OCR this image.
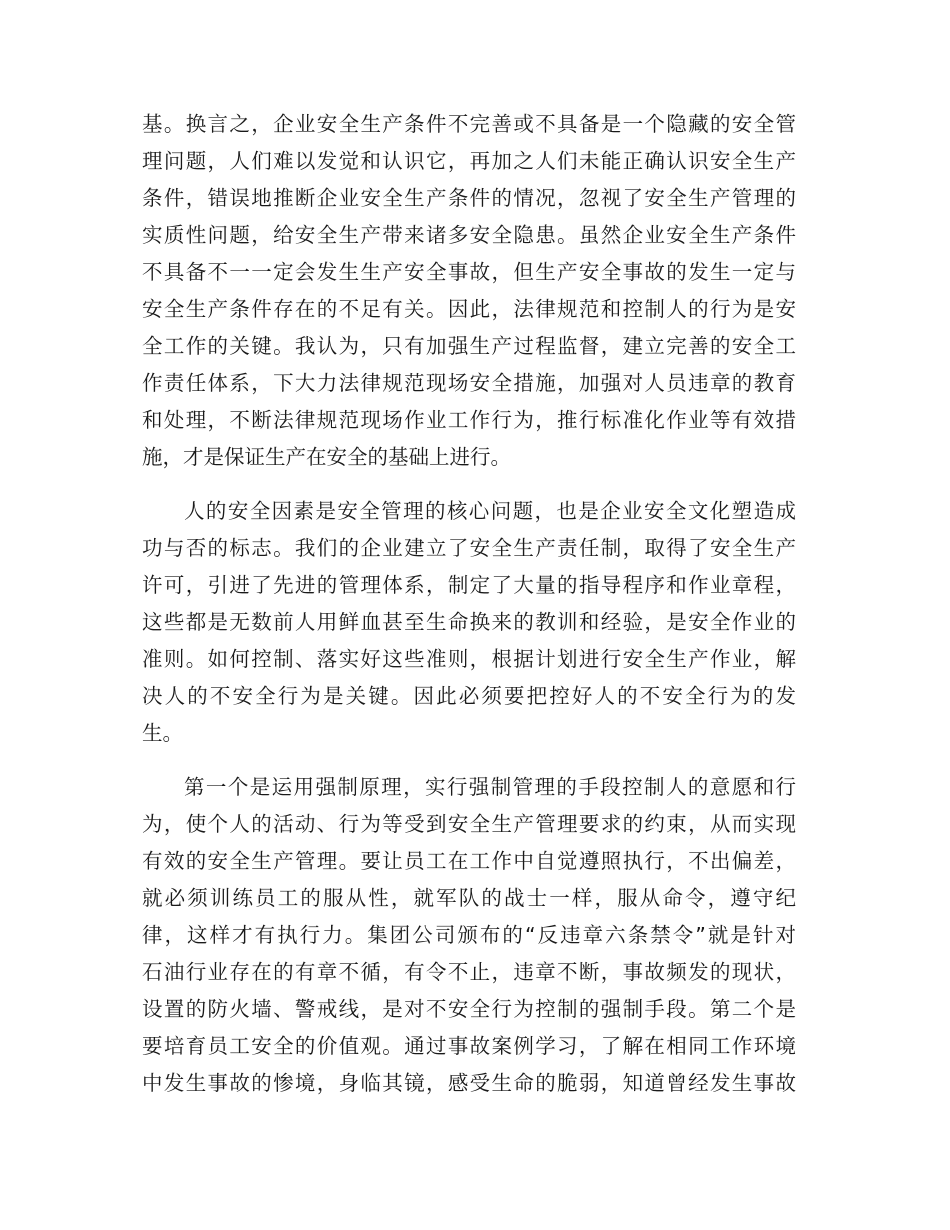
基。换言之，企业安全生产条件不完善或不具备是一个隐藏的安全管
理问题，人们难以发觉和认识它，再加之人们未能正确认识安全生产
条件，错误地推断企业安全生产条件的情况，忽视了安全生产管理的
实质性问题，给安全生产带来诸多安全隐患。虽然企业安全生产条件
不具备不一一定会发生生产安全事故，但生产安全事故的发生一定与
安全生产条件存在的不足有关。因此，法律规范和控制人的行为是安
全工作的关键。我认为，只有加强生产过程监督，建立完善的安全工
作责任体系，下大力法律规范现场安全措施，加强对人员违章的教育
和处理，不断法律规范现场作业工作行为，推行标准化作业等有效措
施，才是保证生产在安全的基础上进行。
人的安全因素是安全管理的核心问题，也是企业安全文化塑造成
功与否的标志。我们的企业建立了安全生产责任制，取得了安全生产
许可，引进了先进的管理体系，制定了大量的指导程序和作业章程，
这些都是无数前人用鲜血甚至生命换来的教训和经验，是安全作业的
准则。如何控制、落实好这些准则，根据计划进行安全生产作业，解
决人的不安全行为是关键。因此必须要把控好人的不安全行为的发
生。
第一个是运用强制原理，实行强制管理的手段控制人的意愿和行
为，使个人的活动、行为等受到安全生产管理要求的约束，从而实现
有效的安全生产管理。要让员工在工作中自觉遵照执行，不出偏差，
就必须训练员工的服从性，就军队的战士一样，服从命令，遵守纪
律，这样才有执行力。集团公司颁布的“反违章六条禁令”就是针对
石油行业存在的有章不循，有令不止，违章不断，事故频发的现状，
设置的防火墙、警戒线，是对不安全行为控制的强制手段。第二个是
要培育员工安全的价值观。通过事故案例学习，了解在相同工作环境
中发生事故的惨境，身临其镜，感受生命的脆弱，知道曾经发生事故
